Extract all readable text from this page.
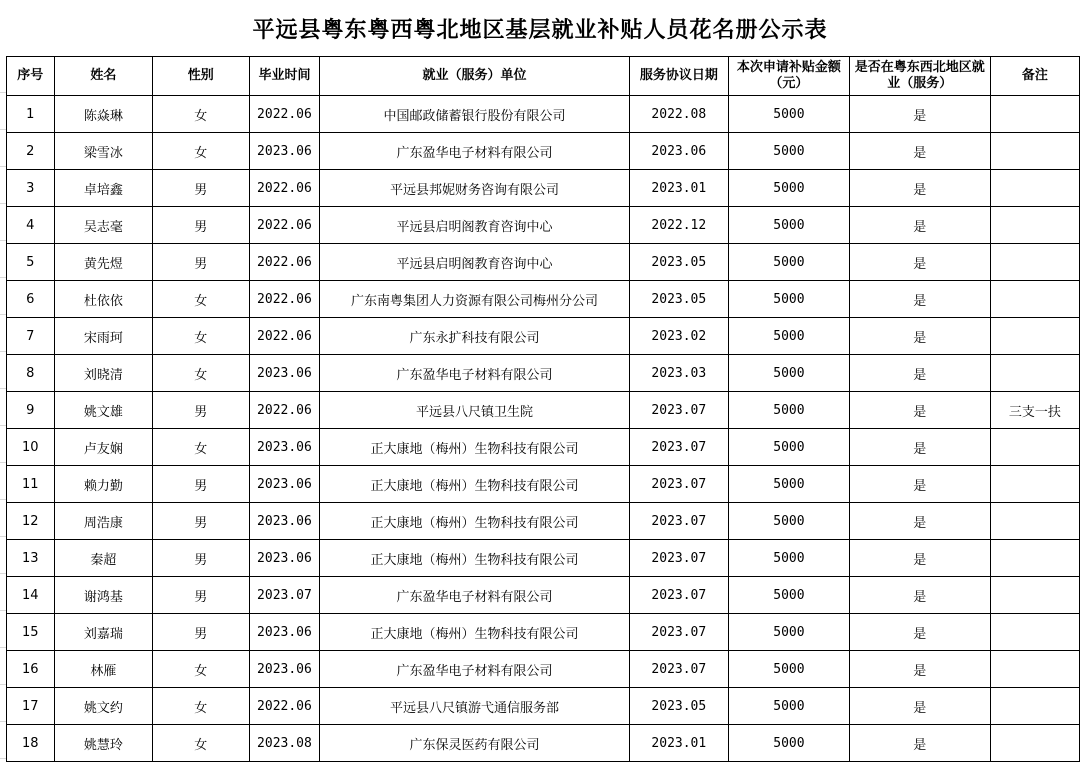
平远县粤东粤西粤北地区基层就业补贴人员花名册公示表
序号	姓名	性别	毕业时间	就业（服务）单位	服务协议日期	本次申请补贴金额（元）	是否在粤东西北地区就业（服务）	备注
1	陈焱琳	女	2022.06	中国邮政储蓄银行股份有限公司	2022.08	5000	是	
2	梁雪冰	女	2023.06	广东盈华电子材料有限公司	2023.06	5000	是	
3	卓培鑫	男	2022.06	平远县邦妮财务咨询有限公司	2023.01	5000	是	
4	吴志毫	男	2022.06	平远县启明阁教育咨询中心	2022.12	5000	是	
5	黄先煜	男	2022.06	平远县启明阁教育咨询中心	2023.05	5000	是	
6	杜依依	女	2022.06	广东南粤集团人力资源有限公司梅州分公司	2023.05	5000	是	
7	宋雨珂	女	2022.06	广东永扩科技有限公司	2023.02	5000	是	
8	刘晓清	女	2023.06	广东盈华电子材料有限公司	2023.03	5000	是	
9	姚文雄	男	2022.06	平远县八尺镇卫生院	2023.07	5000	是	三支一扶
10	卢友娴	女	2023.06	正大康地（梅州）生物科技有限公司	2023.07	5000	是	
11	赖力勤	男	2023.06	正大康地（梅州）生物科技有限公司	2023.07	5000	是	
12	周浩康	男	2023.06	正大康地（梅州）生物科技有限公司	2023.07	5000	是	
13	秦超	男	2023.06	正大康地（梅州）生物科技有限公司	2023.07	5000	是	
14	谢鸿基	男	2023.07	广东盈华电子材料有限公司	2023.07	5000	是	
15	刘嘉瑞	男	2023.06	正大康地（梅州）生物科技有限公司	2023.07	5000	是	
16	林雁	女	2023.06	广东盈华电子材料有限公司	2023.07	5000	是	
17	姚文约	女	2022.06	平远县八尺镇游弋通信服务部	2023.05	5000	是	
18	姚慧玲	女	2023.08	广东保灵医药有限公司	2023.01	5000	是	
